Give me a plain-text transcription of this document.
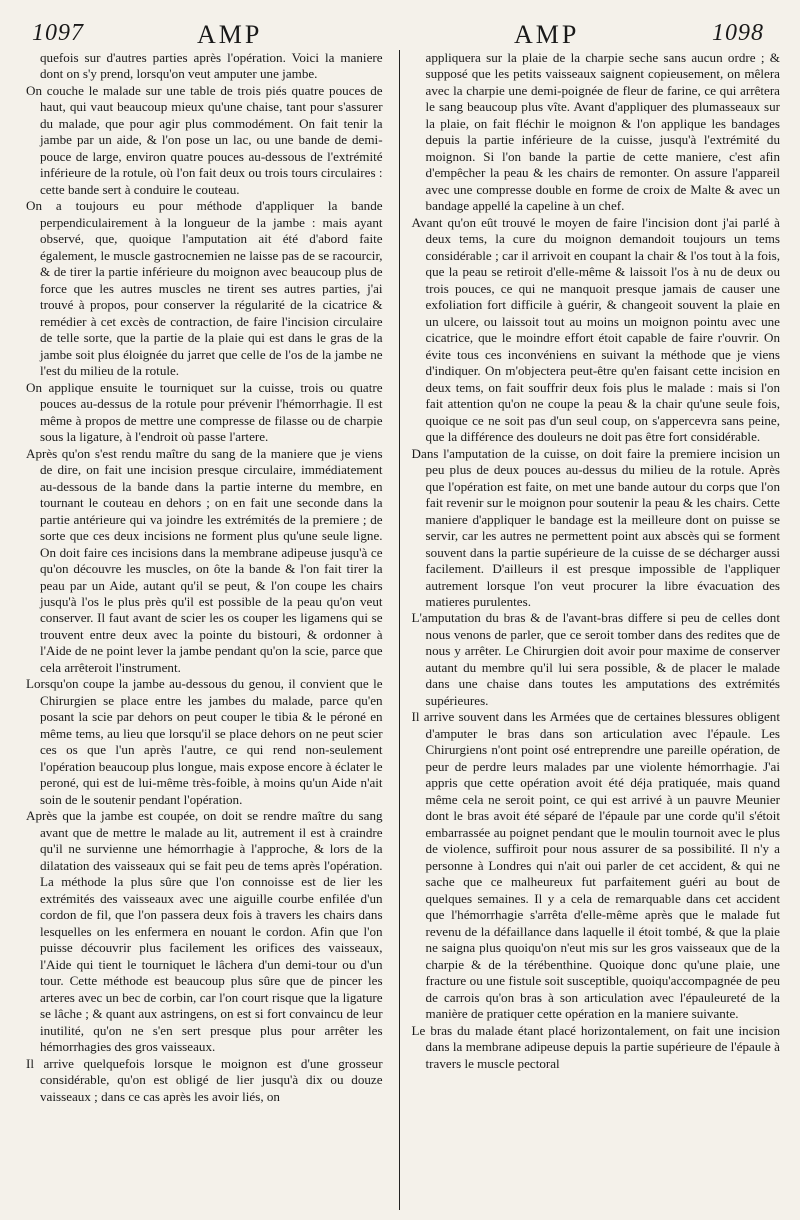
1097	AMP	AMP	1098

quefois sur d'autres parties après l'opération. Voici la maniere dont on s'y prend, lorsqu'on veut amputer une jambe.

On couche le malade sur une table de trois piés quatre pouces de haut, qui vaut beaucoup mieux qu'une chaise, tant pour s'assurer du malade, que pour agir plus commodément. On fait tenir la jambe par un aide, & l'on pose un lac, ou une bande de demi-pouce de large, environ quatre pouces au-dessous de l'extrémité inférieure de la rotule, où l'on fait deux ou trois tours circulaires : cette bande sert à conduire le couteau.

On a toujours eu pour méthode d'appliquer la bande perpendiculairement à la longueur de la jambe : mais ayant observé, que, quoique l'amputation ait été d'abord faite également, le muscle gastrocnemien ne laisse pas de se racourcir, & de tirer la partie inférieure du moignon avec beaucoup plus de force que les autres muscles ne tirent ses autres parties, j'ai trouvé à propos, pour conserver la régularité de la cicatrice & remédier à cet excès de contraction, de faire l'incision circulaire de telle sorte, que la partie de la plaie qui est dans le gras de la jambe soit plus éloignée du jarret que celle de l'os de la jambe ne l'est du milieu de la rotule.

On applique ensuite le tourniquet sur la cuisse, trois ou quatre pouces au-dessus de la rotule pour prévenir l'hémorrhagie. Il est même à propos de mettre une compresse de filasse ou de charpie sous la ligature, à l'endroit où passe l'artere.

Après qu'on s'est rendu maître du sang de la maniere que je viens de dire, on fait une incision presque circulaire, immédiatement au-dessous de la bande dans la partie interne du membre, en tournant le couteau en dehors ; on en fait une seconde dans la partie antérieure qui va joindre les extrémités de la premiere ; de sorte que ces deux incisions ne forment plus qu'une seule ligne. On doit faire ces incisions dans la membrane adipeuse jusqu'à ce qu'on découvre les muscles, on ôte la bande & l'on fait tirer la peau par un Aide, autant qu'il se peut, & l'on coupe les chairs jusqu'à l'os le plus près qu'il est possible de la peau qu'on veut conserver. Il faut avant de scier les os couper les ligamens qui se trouvent entre deux avec la pointe du bistouri, & ordonner à l'Aide de ne point lever la jambe pendant qu'on la scie, parce que cela arrêteroit l'instrument.

Lorsqu'on coupe la jambe au-dessous du genou, il convient que le Chirurgien se place entre les jambes du malade, parce qu'en posant la scie par dehors on peut couper le tibia & le péroné en même tems, au lieu que lorsqu'il se place dehors on ne peut scier ces os que l'un après l'autre, ce qui rend non-seulement l'opération beaucoup plus longue, mais expose encore à éclater le peroné, qui est de lui-même très-foible, à moins qu'un Aide n'ait soin de le soutenir pendant l'opération.

Après que la jambe est coupée, on doit se rendre maître du sang avant que de mettre le malade au lit, autrement il est à craindre qu'il ne survienne une hémorrhagie à l'approche, & lors de la dilatation des vaisseaux qui se fait peu de tems après l'opération. La méthode la plus sûre que l'on connoisse est de lier les extrémités des vaisseaux avec une aiguille courbe enfilée d'un cordon de fil, que l'on passera deux fois à travers les chairs dans lesquelles on les enfermera en nouant le cordon. Afin que l'on puisse découvrir plus facilement les orifices des vaisseaux, l'Aide qui tient le tourniquet le lâchera d'un demi-tour ou d'un tour. Cette méthode est beaucoup plus sûre que de pincer les arteres avec un bec de corbin, car l'on court risque que la ligature se lâche ; & quant aux astringens, on est si fort convaincu de leur inutilité, qu'on ne s'en sert presque plus pour arrêter les hémorrhagies des gros vaisseaux.

Il arrive quelquefois lorsque le moignon est d'une grosseur considérable, qu'on est obligé de lier jusqu'à dix ou douze vaisseaux ; dans ce cas après les avoir liés, on

appliquera sur la plaie de la charpie seche sans aucun ordre ; & supposé que les petits vaisseaux saignent copieusement, on mêlera avec la charpie une demi-poignée de fleur de farine, ce qui arrêtera le sang beaucoup plus vîte. Avant d'appliquer des plumasseaux sur la plaie, on fait fléchir le moignon & l'on applique les bandages depuis la partie inférieure de la cuisse, jusqu'à l'extrémité du moignon. Si l'on bande la partie de cette maniere, c'est afin d'empêcher la peau & les chairs de remonter. On assure l'appareil avec une compresse double en forme de croix de Malte & avec un bandage appellé la capeline à un chef.

Avant qu'on eût trouvé le moyen de faire l'incision dont j'ai parlé à deux tems, la cure du moignon demandoit toujours un tems considérable ; car il arrivoit en coupant la chair & l'os tout à la fois, que la peau se retiroit d'elle-même & laissoit l'os à nu de deux ou trois pouces, ce qui ne manquoit presque jamais de causer une exfoliation fort difficile à guérir, & changeoit souvent la plaie en un ulcere, ou laissoit tout au moins un moignon pointu avec une cicatrice, que le moindre effort étoit capable de faire r'ouvrir. On évite tous ces inconvéniens en suivant la méthode que je viens d'indiquer. On m'objectera peut-être qu'en faisant cette incision en deux tems, on fait souffrir deux fois plus le malade : mais si l'on fait attention qu'on ne coupe la peau & la chair qu'une seule fois, quoique ce ne soit pas d'un seul coup, on s'appercevra sans peine, que la différence des douleurs ne doit pas être fort considérable.

Dans l'amputation de la cuisse, on doit faire la premiere incision un peu plus de deux pouces au-dessus du milieu de la rotule. Après que l'opération est faite, on met une bande autour du corps que l'on fait revenir sur le moignon pour soutenir la peau & les chairs. Cette maniere d'appliquer le bandage est la meilleure dont on puisse se servir, car les autres ne permettent point aux abscès qui se forment souvent dans la partie supérieure de la cuisse de se décharger aussi facilement. D'ailleurs il est presque impossible de l'appliquer autrement lorsque l'on veut procurer la libre évacuation des matieres purulentes.

L'amputation du bras & de l'avant-bras differe si peu de celles dont nous venons de parler, que ce seroit tomber dans des redites que de nous y arrêter. Le Chirurgien doit avoir pour maxime de conserver autant du membre qu'il lui sera possible, & de placer le malade dans une chaise dans toutes les amputations des extrémités supérieures.

Il arrive souvent dans les Armées que de certaines blessures obligent d'amputer le bras dans son articulation avec l'épaule. Les Chirurgiens n'ont point osé entreprendre une pareille opération, de peur de perdre leurs malades par une violente hémorrhagie. J'ai appris que cette opération avoit été déja pratiquée, mais quand même cela ne seroit point, ce qui est arrivé à un pauvre Meunier dont le bras avoit été séparé de l'épaule par une corde qu'il s'étoit embarrassée au poignet pendant que le moulin tournoit avec le plus de violence, suffiroit pour nous assurer de sa possibilité. Il n'y a personne à Londres qui n'ait oui parler de cet accident, & qui ne sache que ce malheureux fut parfaitement guéri au bout de quelques semaines. Il y a cela de remarquable dans cet accident que l'hémorrhagie s'arrêta d'elle-même après que le malade fut revenu de la défaillance dans laquelle il étoit tombé, & que la plaie ne saigna plus quoiqu'on n'eut mis sur les gros vaisseaux que de la charpie & de la térébenthine. Quoique donc qu'une plaie, une fracture ou une fistule soit susceptible, quoiqu'accompagnée de peu de carrois qu'on bras à son articulation avec l'épauleureté de la manière de pratiquer cette opération en la maniere suivante.

Le bras du malade étant placé horizontalement, on fait une incision dans la membrane adipeuse depuis la partie supérieure de l'épaule à travers le muscle pectoral
